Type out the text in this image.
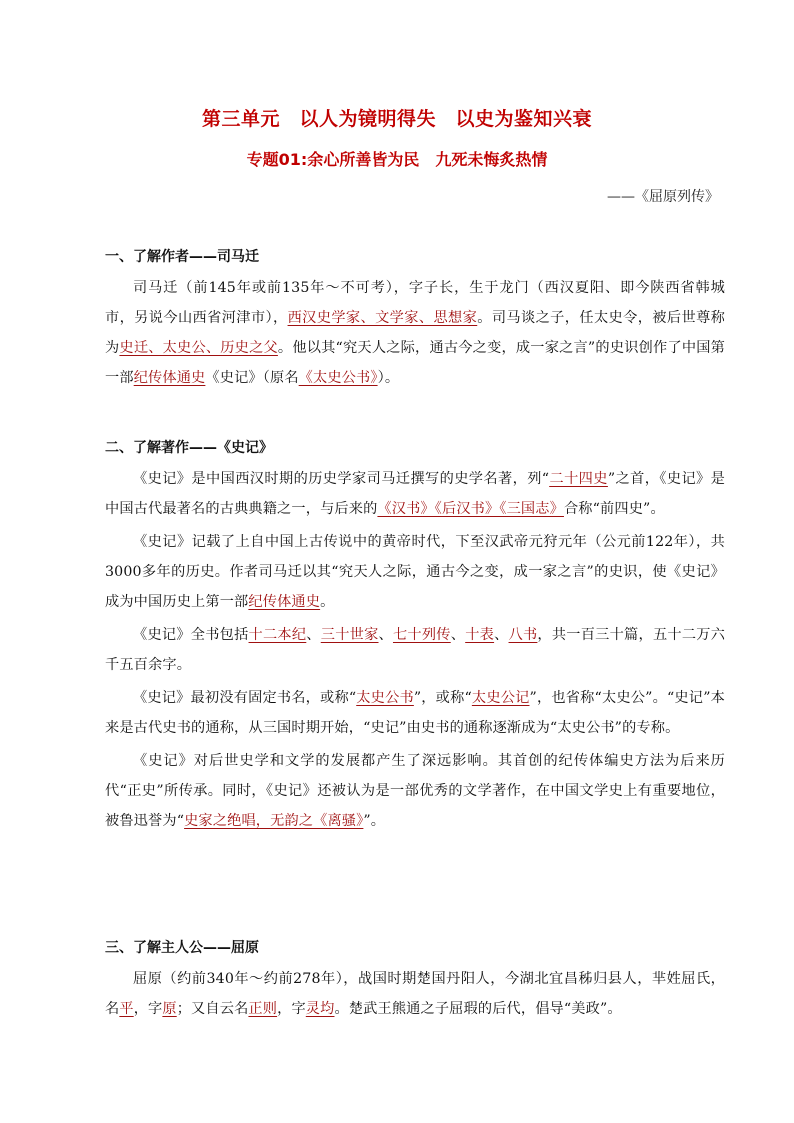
第三单元　以人为镜明得失　以史为鉴知兴衰
专题01:余心所善皆为民　九死未悔炙热情
——《屈原列传》
一、了解作者——司马迁

司马迁（前145年或前135年～不可考），字子长，生于龙门（西汉夏阳、即今陕西省韩城市，另说今山西省河津市），西汉史学家、文学家、思想家。司马谈之子，任太史令，被后世尊称为史迁、太史公、历史之父。他以其“究天人之际，通古今之变，成一家之言”的史识创作了中国第一部纪传体通史《史记》（原名《太史公书》）。

二、了解著作——《史记》

《史记》是中国西汉时期的历史学家司马迁撰写的史学名著，列“二十四史”之首，《史记》是中国古代最著名的古典典籍之一，与后来的《汉书》《后汉书》《三国志》合称“前四史”。

《史记》记载了上自中国上古传说中的黄帝时代，下至汉武帝元狩元年（公元前122年），共3000多年的历史。作者司马迁以其“究天人之际，通古今之变，成一家之言”的史识，使《史记》成为中国历史上第一部纪传体通史。

《史记》全书包括十二本纪、三十世家、七十列传、十表、八书，共一百三十篇，五十二万六千五百余字。

《史记》最初没有固定书名，或称“太史公书”，或称“太史公记”，也省称“太史公”。“史记”本来是古代史书的通称，从三国时期开始，“史记”由史书的通称逐渐成为“太史公书”的专称。

《史记》对后世史学和文学的发展都产生了深远影响。其首创的纪传体编史方法为后来历代“正史”所传承。同时，《史记》还被认为是一部优秀的文学著作，在中国文学史上有重要地位，被鲁迅誉为“史家之绝唱，无韵之《离骚》”。

三、了解主人公——屈原

屈原（约前340年～约前278年），战国时期楚国丹阳人，今湖北宜昌秭归县人，芈姓屈氏，名平，字原；又自云名正则，字灵均。楚武王熊通之子屈瑕的后代，倡导“美政”。
